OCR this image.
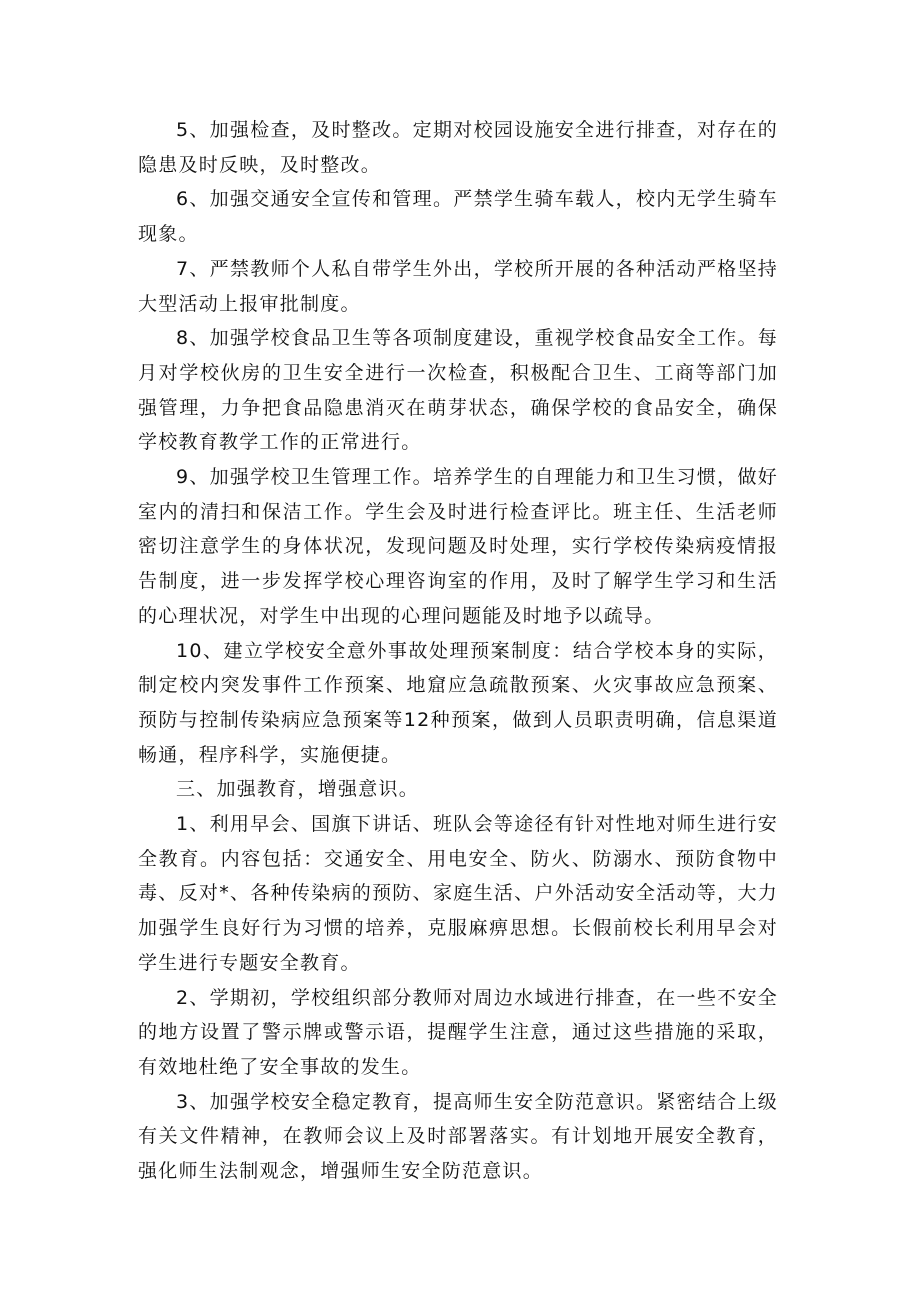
5、加强检查，及时整改。定期对校园设施安全进行排查，对存在的隐患及时反映，及时整改。

6、加强交通安全宣传和管理。严禁学生骑车载人，校内无学生骑车现象。

7、严禁教师个人私自带学生外出，学校所开展的各种活动严格坚持大型活动上报审批制度。

8、加强学校食品卫生等各项制度建设，重视学校食品安全工作。每月对学校伙房的卫生安全进行一次检查，积极配合卫生、工商等部门加强管理，力争把食品隐患消灭在萌芽状态，确保学校的食品安全，确保学校教育教学工作的正常进行。

9、加强学校卫生管理工作。培养学生的自理能力和卫生习惯，做好室内的清扫和保洁工作。学生会及时进行检查评比。班主任、生活老师密切注意学生的身体状况，发现问题及时处理，实行学校传染病疫情报告制度，进一步发挥学校心理咨询室的作用，及时了解学生学习和生活的心理状况，对学生中出现的心理问题能及时地予以疏导。

10、建立学校安全意外事故处理预案制度：结合学校本身的实际，制定校内突发事件工作预案、地窟应急疏散预案、火灾事故应急预案、预防与控制传染病应急预案等12种预案，做到人员职责明确，信息渠道畅通，程序科学，实施便捷。

三、加强教育，增强意识。

1、利用早会、国旗下讲话、班队会等途径有针对性地对师生进行安全教育。内容包括：交通安全、用电安全、防火、防溺水、预防食物中毒、反对*、各种传染病的预防、家庭生活、户外活动安全活动等，大力加强学生良好行为习惯的培养，克服麻痹思想。长假前校长利用早会对学生进行专题安全教育。

2、学期初，学校组织部分教师对周边水域进行排查，在一些不安全的地方设置了警示牌或警示语，提醒学生注意，通过这些措施的采取，有效地杜绝了安全事故的发生。

3、加强学校安全稳定教育，提高师生安全防范意识。紧密结合上级有关文件精神，在教师会议上及时部署落实。有计划地开展安全教育，强化师生法制观念，增强师生安全防范意识。
